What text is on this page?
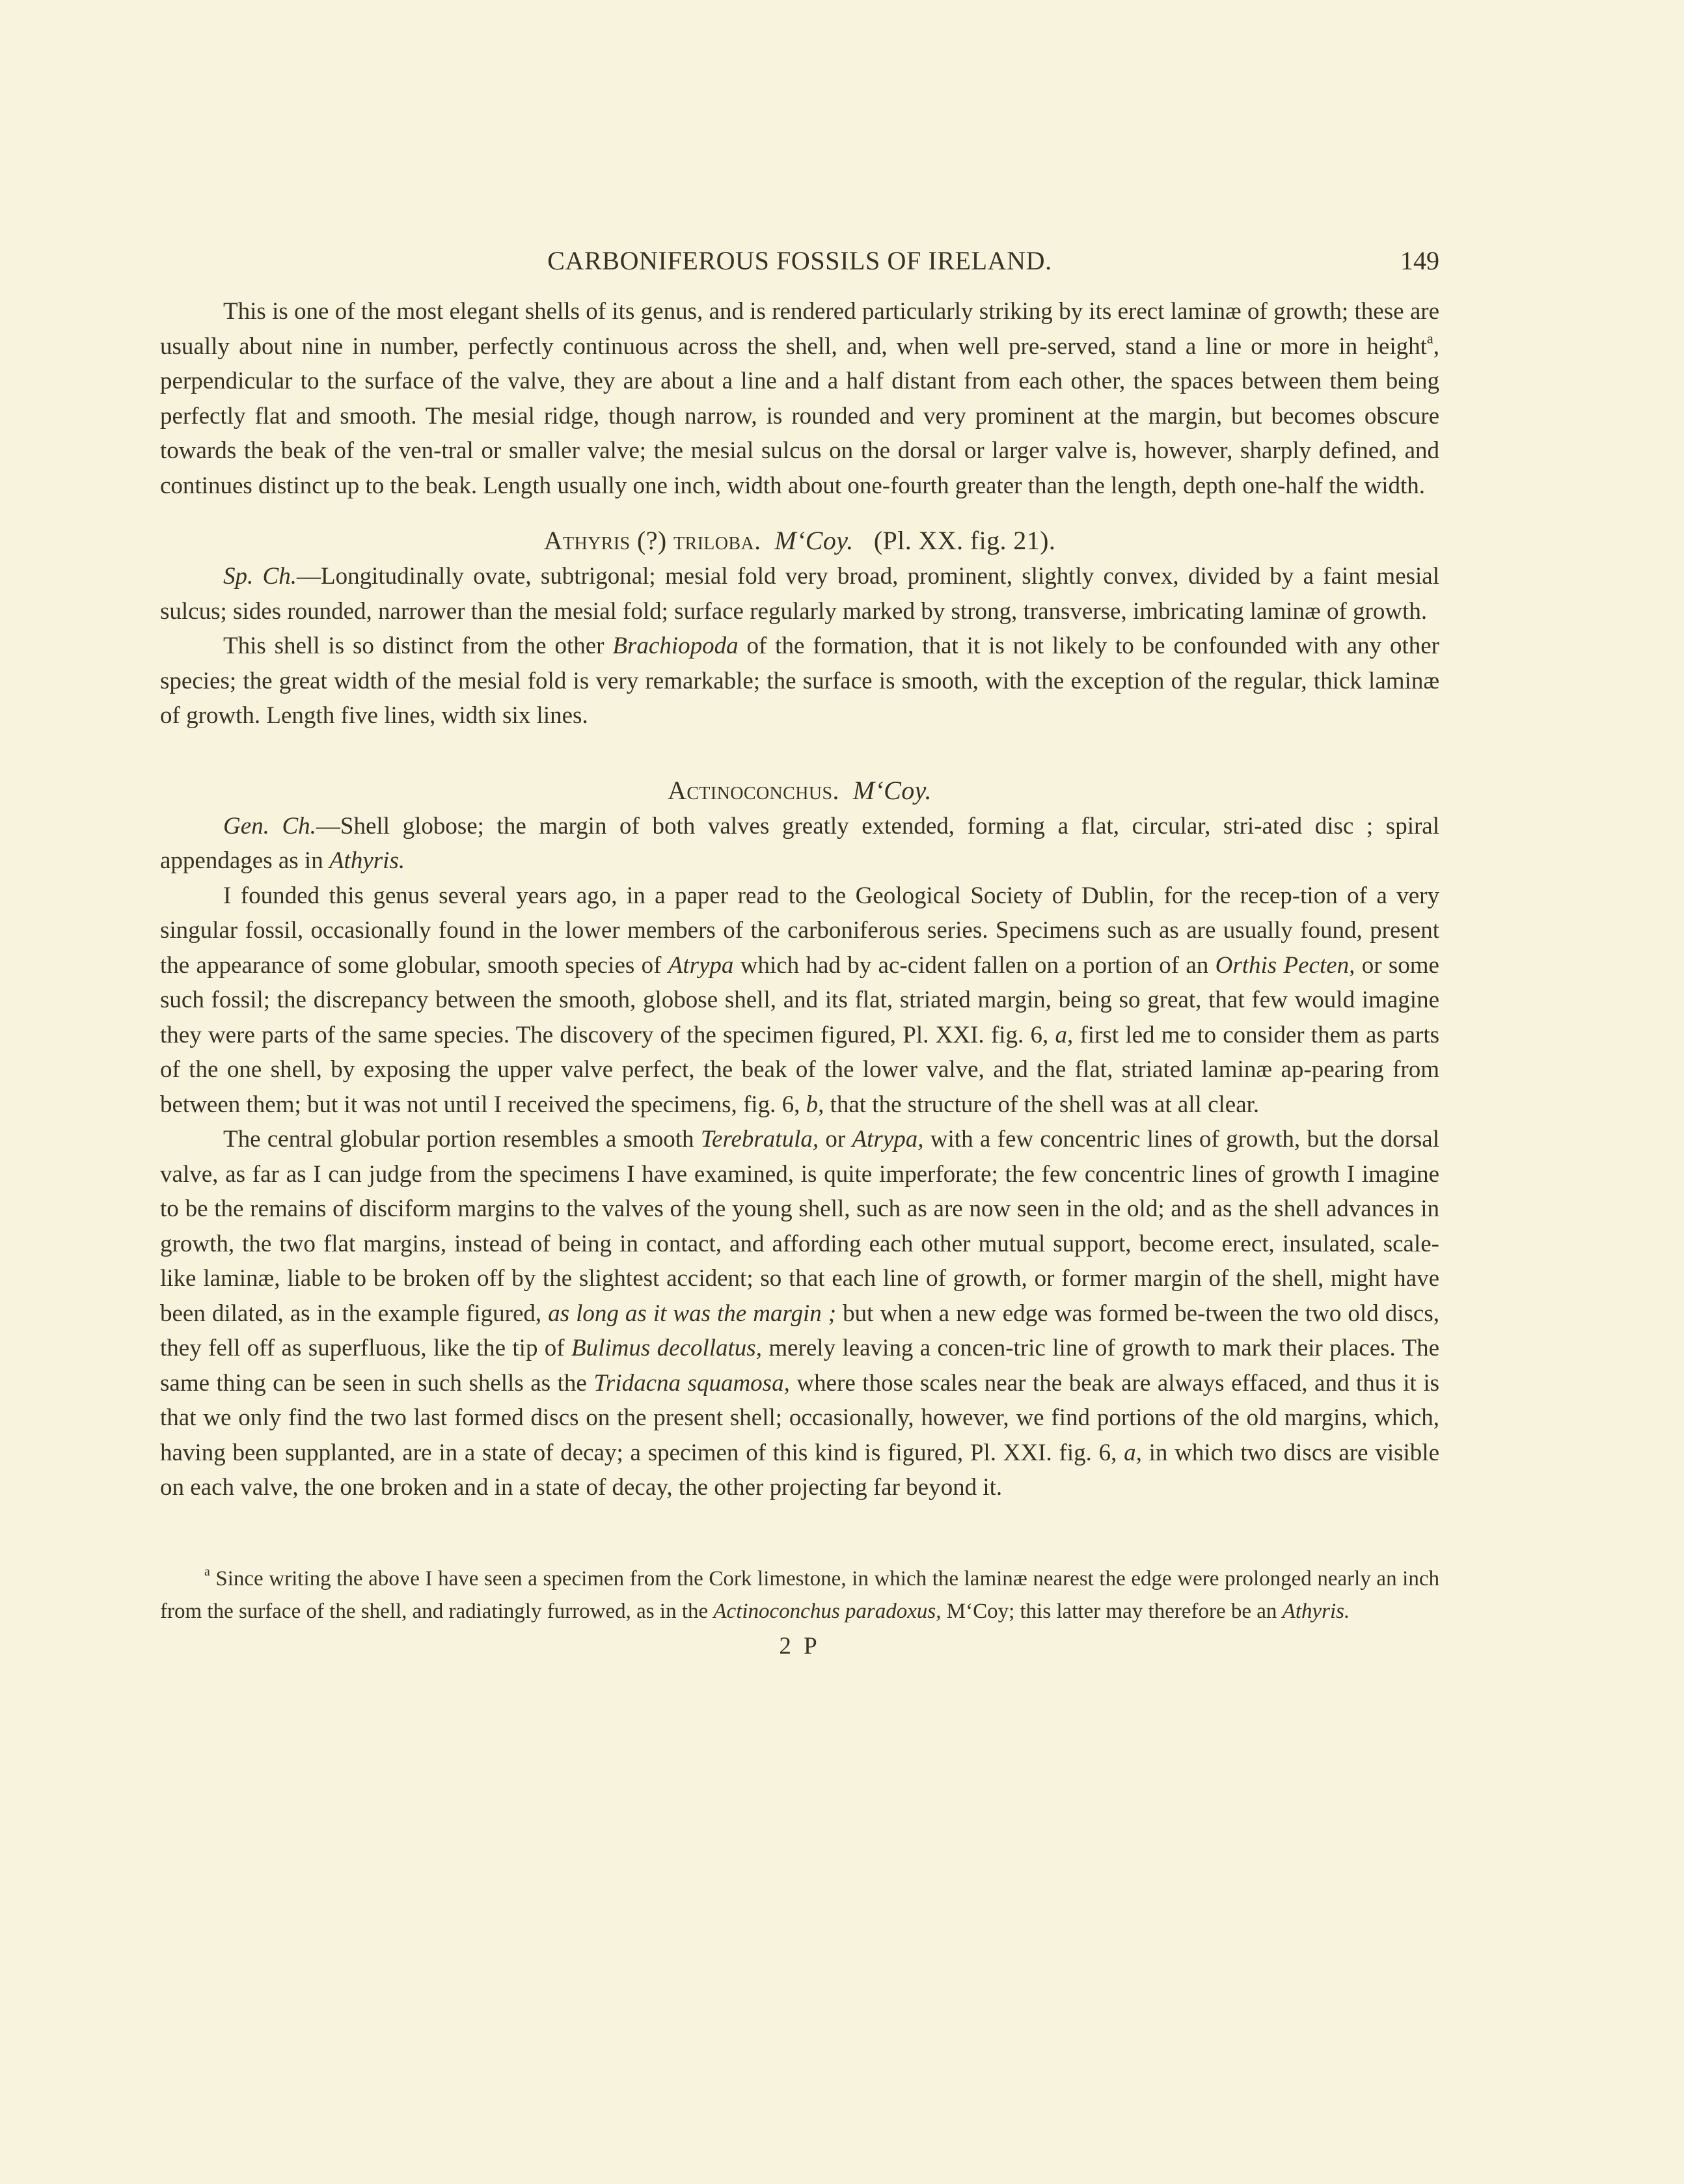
CARBONIFEROUS FOSSILS OF IRELAND.	149

This is one of the most elegant shells of its genus, and is rendered particularly striking by its erect laminæ of growth; these are usually about nine in number, perfectly continuous across the shell, and, when well pre-served, stand a line or more in height$^a$, perpendicular to the surface of the valve, they are about a line and a half distant from each other, the spaces between them being perfectly flat and smooth. The mesial ridge, though narrow, is rounded and very prominent at the margin, but becomes obscure towards the beak of the ven-tral or smaller valve; the mesial sulcus on the dorsal or larger valve is, however, sharply defined, and continues distinct up to the beak. Length usually one inch, width about one-fourth greater than the length, depth one-half the width.

Athyris (?) triloba. M‘Coy. (Pl. XX. fig. 21).

Sp. Ch.—Longitudinally ovate, subtrigonal; mesial fold very broad, prominent, slightly convex, divided by a faint mesial sulcus; sides rounded, narrower than the mesial fold; surface regularly marked by strong, transverse, imbricating laminæ of growth.

This shell is so distinct from the other Brachiopoda of the formation, that it is not likely to be confounded with any other species; the great width of the mesial fold is very remarkable; the surface is smooth, with the exception of the regular, thick laminæ of growth. Length five lines, width six lines.

Actinoconchus. M‘Coy.

Gen. Ch.—Shell globose; the margin of both valves greatly extended, forming a flat, circular, stri-ated disc ; spiral appendages as in Athyris.

I founded this genus several years ago, in a paper read to the Geological Society of Dublin, for the recep-tion of a very singular fossil, occasionally found in the lower members of the carboniferous series. Specimens such as are usually found, present the appearance of some globular, smooth species of Atrypa which had by ac-cident fallen on a portion of an Orthis Pecten, or some such fossil; the discrepancy between the smooth, globose shell, and its flat, striated margin, being so great, that few would imagine they were parts of the same species. The discovery of the specimen figured, Pl. XXI. fig. 6, a, first led me to consider them as parts of the one shell, by exposing the upper valve perfect, the beak of the lower valve, and the flat, striated laminæ ap-pearing from between them; but it was not until I received the specimens, fig. 6, b, that the structure of the shell was at all clear.

The central globular portion resembles a smooth Terebratula, or Atrypa, with a few concentric lines of growth, but the dorsal valve, as far as I can judge from the specimens I have examined, is quite imperforate; the few concentric lines of growth I imagine to be the remains of disciform margins to the valves of the young shell, such as are now seen in the old; and as the shell advances in growth, the two flat margins, instead of being in contact, and affording each other mutual support, become erect, insulated, scale-like laminæ, liable to be broken off by the slightest accident; so that each line of growth, or former margin of the shell, might have been dilated, as in the example figured, as long as it was the margin ; but when a new edge was formed be-tween the two old discs, they fell off as superfluous, like the tip of Bulimus decollatus, merely leaving a concen-tric line of growth to mark their places. The same thing can be seen in such shells as the Tridacna squamosa, where those scales near the beak are always effaced, and thus it is that we only find the two last formed discs on the present shell; occasionally, however, we find portions of the old margins, which, having been supplanted, are in a state of decay; a specimen of this kind is figured, Pl. XXI. fig. 6, a, in which two discs are visible on each valve, the one broken and in a state of decay, the other projecting far beyond it.

$^a$ Since writing the above I have seen a specimen from the Cork limestone, in which the laminæ nearest the edge were prolonged nearly an inch from the surface of the shell, and radiatingly furrowed, as in the Actinoconchus paradoxus, M‘Coy; this latter may therefore be an Athyris.

2 P
